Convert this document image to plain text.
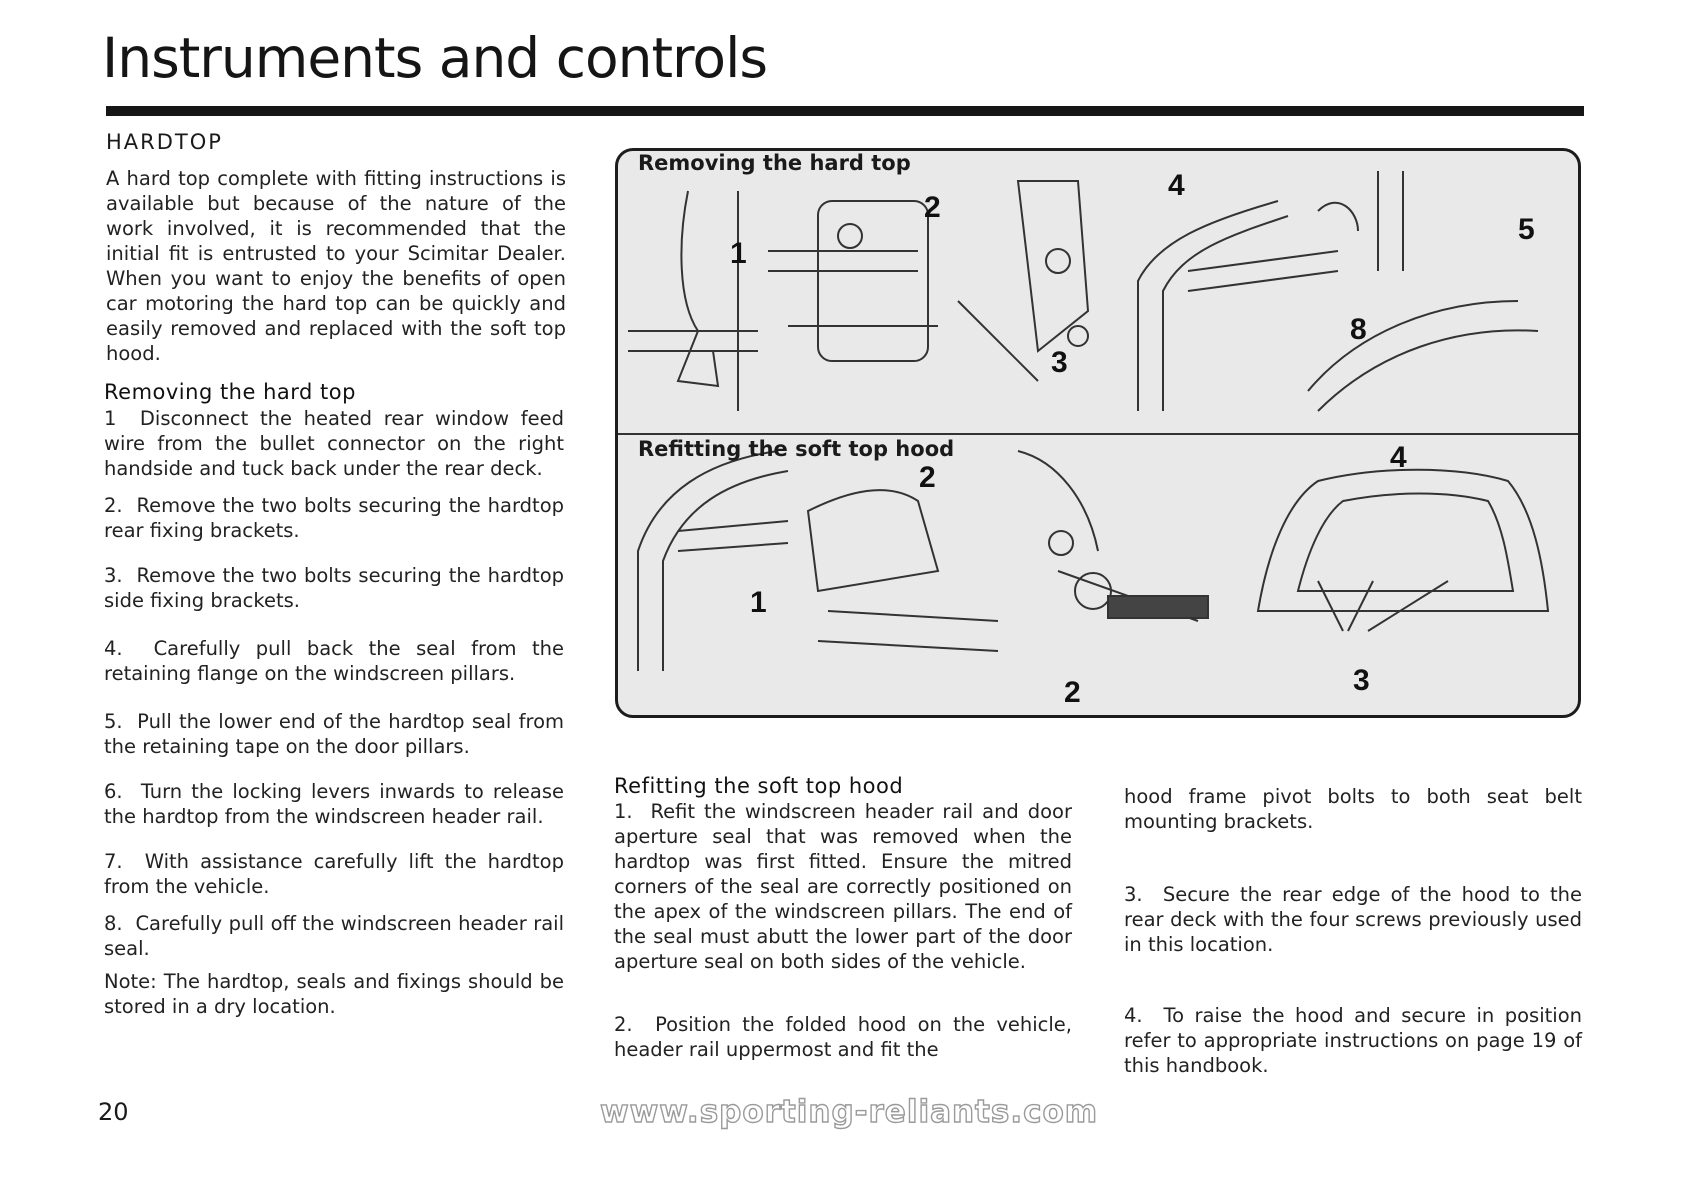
Instruments and controls
HARDTOP

A hard top complete with fitting instructions is available but because of the nature of the work involved, it is recommended that the initial fit is entrusted to your Scimitar Dealer. When you want to enjoy the benefits of open car motoring the hard top can be quickly and easily removed and replaced with the soft top hood.

Removing the hard top

1 Disconnect the heated rear window feed wire from the bullet connector on the right handside and tuck back under the rear deck.

2. Remove the two bolts securing the hardtop rear fixing brackets.

3. Remove the two bolts securing the hardtop side fixing brackets.

4. Carefully pull back the seal from the retaining flange on the windscreen pillars.

5. Pull the lower end of the hardtop seal from the retaining tape on the door pillars.

6. Turn the locking levers inwards to release the hardtop from the windscreen header rail.

7. With assistance carefully lift the hardtop from the vehicle.

8. Carefully pull off the windscreen header rail seal.

Note: The hardtop, seals and fixings should be stored in a dry location.

Removing the hard top
Refitting the soft top hood
1
2
3
4
5
8
1
2
2
4
3
Refitting the soft top hood

1. Refit the windscreen header rail and door aperture seal that was removed when the hardtop was first fitted. Ensure the mitred corners of the seal are correctly positioned on the apex of the windscreen pillars. The end of the seal must abutt the lower part of the door aperture seal on both sides of the vehicle.

2. Position the folded hood on the vehicle, header rail uppermost and fit the

hood frame pivot bolts to both seat belt mounting brackets.

3. Secure the rear edge of the hood to the rear deck with the four screws previously used in this location.

4. To raise the hood and secure in position refer to appropriate instructions on page 19 of this handbook.

20	www.sporting-reliants.com
